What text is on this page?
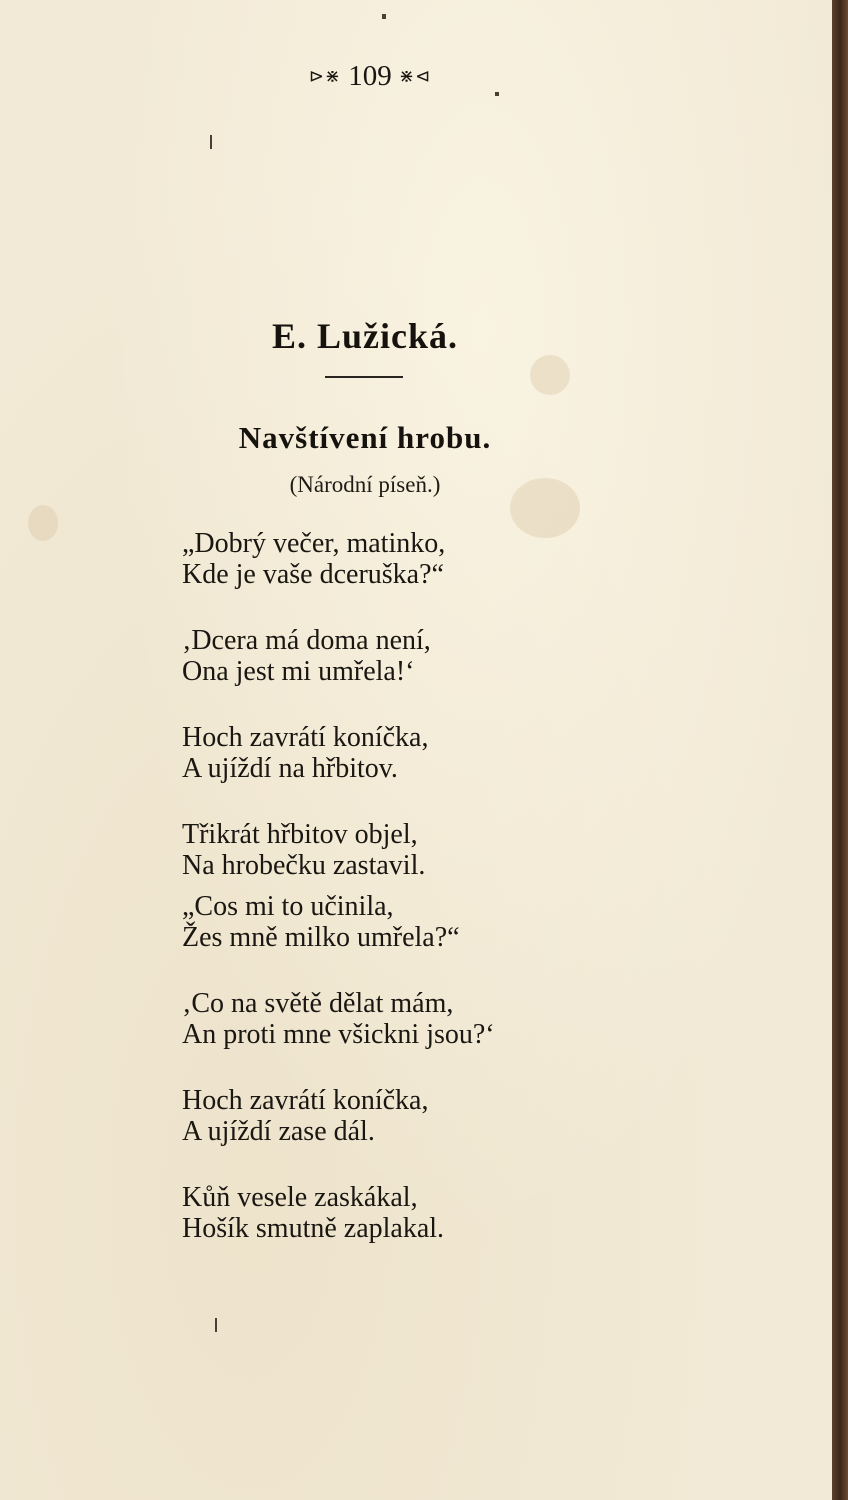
⊳⋇ 109 ⋇⊲
E. Lužická.
Navštívení hrobu.
(Národní píseň.)
„Dobrý večer, matinko,
Kde je vaše dceruška?“
‚Dcera má doma není,
Ona jest mi umřela!‘
Hoch zavrátí koníčka,
A ujíždí na hřbitov.
Třikrát hřbitov objel,
Na hrobečku zastavil.
„Cos mi to učinila,
Žes mně milko umřela?“
‚Co na světě dělat mám,
An proti mne všickni jsou?‘
Hoch zavrátí koníčka,
A ujíždí zase dál.
Kůň vesele zaskákal,
Hošík smutně zaplakal.
